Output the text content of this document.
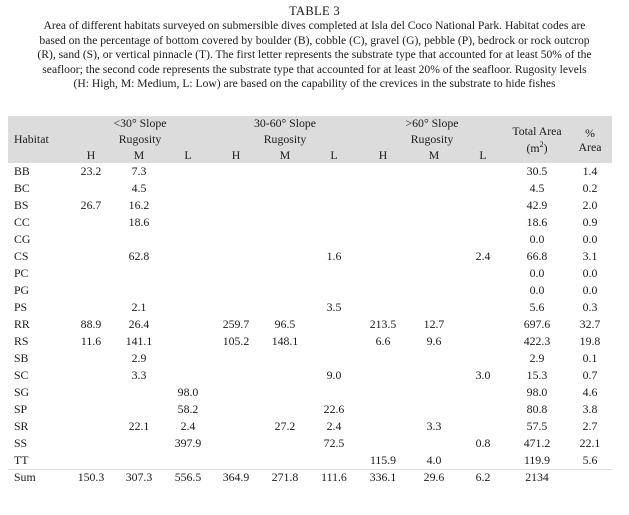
TABLE 3
Area of different habitats surveyed on submersible dives completed at Isla del Coco National Park. Habitat codes are
based on the percentage of bottom covered by boulder (B), cobble (C), gravel (G), pebble (P), bedrock or rock outcrop
(R), sand (S), or vertical pinnacle (T). The first letter represents the substrate type that accounted for at least 50% of the
seafloor; the second code represents the substrate type that accounted for at least 20% of the seafloor. Rugosity levels
(H: High, M: Medium, L: Low) are based on the capability of the crevices in the substrate to hide fishes
Habitat	<30° Slope			30-60° Slope			>60° Slope			Total Area
$(m^2)$	%
Area
	Rugosity			Rugosity			Rugosity				
	H	M	L	H	M	L	H	M	L		
BB	23.2	7.3								30.5	1.4
BC		4.5								4.5	0.2
BS	26.7	16.2								42.9	2.0
CC		18.6								18.6	0.9
CG										0.0	0.0
CS		62.8				1.6			2.4	66.8	3.1
PC										0.0	0.0
PG										0.0	0.0
PS		2.1				3.5				5.6	0.3
RR	88.9	26.4		259.7	96.5		213.5	12.7		697.6	32.7
RS	11.6	141.1		105.2	148.1		6.6	9.6		422.3	19.8
SB		2.9								2.9	0.1
SC		3.3				9.0			3.0	15.3	0.7
SG			98.0							98.0	4.6
SP			58.2			22.6				80.8	3.8
SR		22.1	2.4		27.2	2.4		3.3		57.5	2.7
SS			397.9			72.5			0.8	471.2	22.1
TT							115.9	4.0		119.9	5.6
Sum	150.3	307.3	556.5	364.9	271.8	111.6	336.1	29.6	6.2	2134	
